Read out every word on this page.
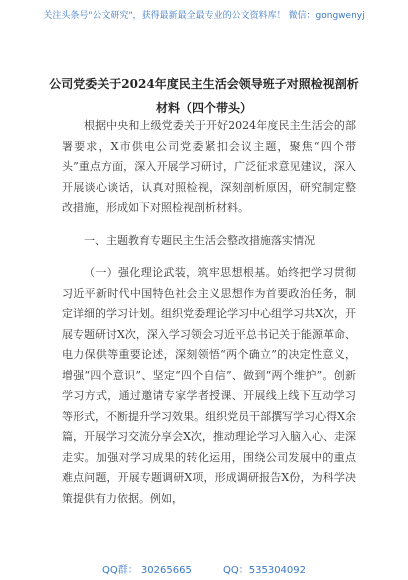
关注头条号"公文研究"，获得最新最全最专业的公文资料库！ 微信：gongwenyj
公司党委关于2024年度民主生活会领导班子对照检视剖析
材料（四个带头）

根据中央和上级党委关于开好2024年度民主生活会的部署要求，X市供电公司党委紧扣会议主题，聚焦“四个带头”重点方面，深入开展学习研讨，广泛征求意见建议，深入开展谈心谈话，认真对照检视，深刻剖析原因，研究制定整改措施，形成如下对照检视剖析材料。

一、主题教育专题民主生活会整改措施落实情况

（一）强化理论武装，筑牢思想根基。始终把学习贯彻习近平新时代中国特色社会主义思想作为首要政治任务，制定详细的学习计划。组织党委理论学习中心组学习共X次，开展专题研讨X次，深入学习领会习近平总书记关于能源革命、电力保供等重要论述，深刻领悟“两个确立”的决定性意义，增强“四个意识”、坚定“四个自信”、做到“两个维护”。创新学习方式，通过邀请专家学者授课、开展线上线下互动学习等形式，不断提升学习效果。组织党员干部撰写学习心得X余篇，开展学习交流分享会X次，推动理论学习入脑入心、走深走实。加强对学习成果的转化运用，围绕公司发展中的重点难点问题，开展专题调研X项，形成调研报告X份，为科学决策提供有力依据。例如，

QQ群： 30265665	QQ：535304092
